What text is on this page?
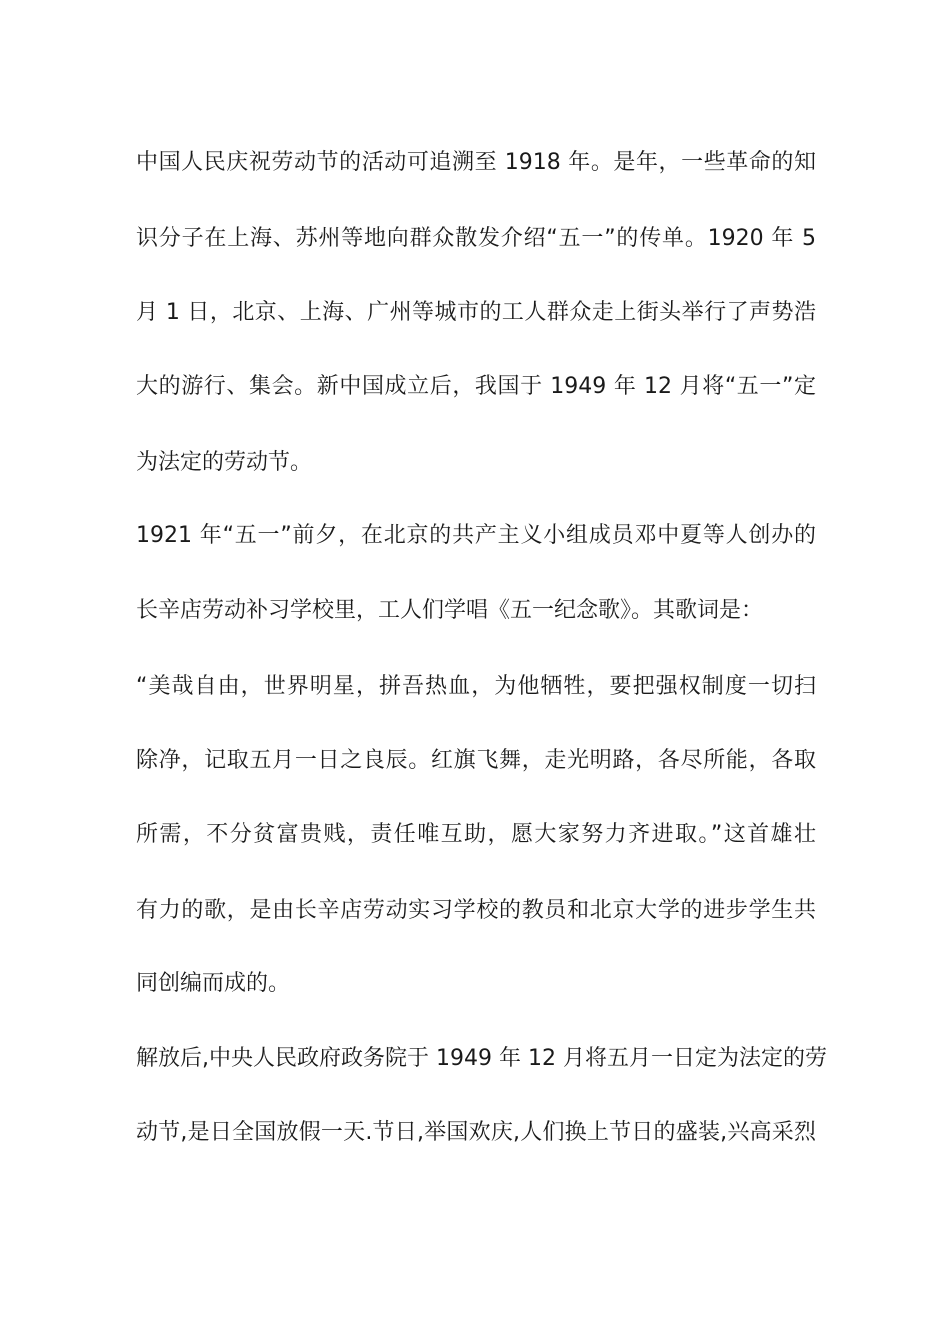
中国人民庆祝劳动节的活动可追溯至 1918 年。是年，一些革命的知
识分子在上海、苏州等地向群众散发介绍“五一”的传单。1920 年 5
月 1 日，北京、上海、广州等城市的工人群众走上街头举行了声势浩
大的游行、集会。新中国成立后，我国于 1949 年 12 月将“五一”定
为法定的劳动节。
1921 年“五一”前夕，在北京的共产主义小组成员邓中夏等人创办的
长辛店劳动补习学校里，工人们学唱《五一纪念歌》。其歌词是：
“美哉自由，世界明星，拼吾热血，为他牺牲，要把强权制度一切扫
除净，记取五月一日之良辰。红旗飞舞，走光明路，各尽所能，各取
所需，不分贫富贵贱，责任唯互助，愿大家努力齐进取。”这首雄壮
有力的歌，是由长辛店劳动实习学校的教员和北京大学的进步学生共
同创编而成的。
解放后,中央人民政府政务院于 1949 年 12 月将五月一日定为法定的劳
动节,是日全国放假一天.节日,举国欢庆,人们换上节日的盛装,兴高采烈
